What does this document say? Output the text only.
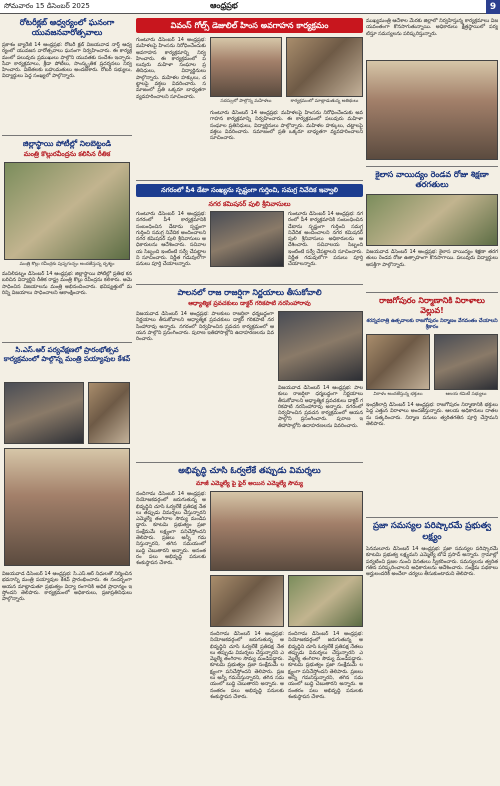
సోమవారం 15 డిసెంబర్ 2025	ఆంధ్రప్రభ	9
రోటరీక్లబ్ ఆధ్వర్యంలో ఘనంగా యువజనవారోత్సవాలు
ప్రకాశం బ్యారేజీ 14 ఆంధ్రప్రభ: రోటరీ క్లబ్ విజయవాడ నార్త్ ఆధ్వర్యంలో యువజన వారోత్సవాలు ఘనంగా నిర్వహించారు. ఈ కార్యక్రమంలో పలువురు ప్రముఖులు పాల్గొని యువతకు సందేశం ఇచ్చారు. సేవా కార్యక్రమాలు, క్రీడా పోటీలు, సాంస్కృతిక ప్రదర్శనలు నిర్వహించారు. విజేతలకు బహుమతులు అందజేశారు. రోటరీ సభ్యులు, విద్యార్థులు పెద్ద సంఖ్యలో పాల్గొన్నారు.
జిల్లాస్థాయి పోటీల్లో నిలబెట్టండి
మంత్రి కొల్లురవీంద్రను కలిసిన రీతిక
మంత్రి కొల్లు రవీంద్రకు పుష్పగుచ్ఛం అందజేస్తున్న దృశ్యం
మచిలీపట్నం డిసెంబర్ 14 ఆంధ్రప్రభ: జిల్లాస్థాయి పోటీల్లో ప్రతిభ కనబరిచిన విద్యార్థిని రీతిక రాష్ట్ర మంత్రి కొల్లు రవీంద్రను కలిశారు. ఆమె సాధించిన విజయాలను మంత్రి అభినందించారు. భవిష్యత్తులో మరిన్ని విజయాలు సాధించాలని ఆకాంక్షించారు.
సి.ఎస్.ఆర్ పర్యవేక్షణలో ప్రారంభోత్సవ కార్యక్రమంలో పాల్గొన్న మంత్రి పయ్యావుల కేశవ్
విజయవాడ డిసెంబర్ 14 ఆంధ్రప్రభ: సి.ఎస్.ఆర్ నిధులతో నిర్మించిన భవనాన్ని మంత్రి పయ్యావుల కేశవ్ ప్రారంభించారు. ఈ సందర్భంగా ఆయన మాట్లాడుతూ ప్రభుత్వం విద్యా రంగానికి అధిక ప్రాధాన్యం ఇస్తోందని తెలిపారు. కార్యక్రమంలో అధికారులు, ప్రజాప్రతినిధులు పాల్గొన్నారు.
వివంస్ గోల్స్ డెజులిల్ హింస అవగాహన కార్యక్రమం
గుంటూరు డిసెంబర్ 14 ఆంధ్రప్రభ: మహిళలపై హింసను నిరోధించేందుకు అవగాహన కార్యక్రమాన్ని నిర్వహించారు. ఈ కార్యక్రమంలో పలువురు మహిళా సంఘాల ప్రతినిధులు, విద్యార్థినులు పాల్గొన్నారు. మహిళల హక్కులు, చట్టాలపై వక్తలు వివరించారు. సమాజంలో ప్రతి ఒక్కరూ బాధ్యతగా వ్యవహరించాలని సూచించారు.
సదస్సులో పాల్గొన్న మహిళలు	కార్యక్రమంలో మాట్లాడుతున్న అతిథులు
గుంటూరు డిసెంబర్ 14 ఆంధ్రప్రభ: మహిళలపై హింసను నిరోధించేందుకు అవగాహన కార్యక్రమాన్ని నిర్వహించారు. ఈ కార్యక్రమంలో పలువురు మహిళా సంఘాల ప్రతినిధులు, విద్యార్థినులు పాల్గొన్నారు. మహిళల హక్కులు, చట్టాలపై వక్తలు వివరించారు. సమాజంలో ప్రతి ఒక్కరూ బాధ్యతగా వ్యవహరించాలని సూచించారు.
నగరంలో పీ4 డేటా సంఖ్యను స్పష్టంగా గుర్తించి, సమగ్ర నివేదిక ఇవ్వాలి
నగర కమిషనర్ పులి శ్రీనివాసులు
గుంటూరు డిసెంబర్ 14 ఆంధ్రప్రభ: నగరంలో పీ4 కార్యక్రమానికి సంబంధించిన డేటాను స్పష్టంగా గుర్తించి సమగ్ర నివేదిక అందించాలని నగర కమిషనర్ పులి శ్రీనివాసులు అధికారులను ఆదేశించారు. సచివాలయ సిబ్బంది ఇంటింటి సర్వే చేపట్టాలని సూచించారు. నిర్ణీత గడువులోగా పనులు పూర్తి చేయాలన్నారు.
గుంటూరు డిసెంబర్ 14 ఆంధ్రప్రభ: నగరంలో పీ4 కార్యక్రమానికి సంబంధించిన డేటాను స్పష్టంగా గుర్తించి సమగ్ర నివేదిక అందించాలని నగర కమిషనర్ పులి శ్రీనివాసులు అధికారులను ఆదేశించారు. సచివాలయ సిబ్బంది ఇంటింటి సర్వే చేపట్టాలని సూచించారు. నిర్ణీత గడువులోగా పనులు పూర్తి చేయాలన్నారు.
పాలనలో రాజ రాజర్షిగా నిర్ణయాలు తీసుకోవాలి
ఆధ్యాత్మిక ప్రవచకులు డాక్టర్ గరికపాటి నరసింహారావు
విజయవాడ డిసెంబర్ 14 ఆంధ్రప్రభ: పాలకులు రాజర్షిలా ధర్మబద్ధంగా నిర్ణయాలు తీసుకోవాలని ఆధ్యాత్మిక ప్రవచకులు డాక్టర్ గరికపాటి నరసింహారావు అన్నారు. నగరంలో నిర్వహించిన ప్రవచన కార్యక్రమంలో ఆయన పాల్గొని ప్రసంగించారు. పురాణ ఇతిహాసాల్లోని ఉదాహరణలను వివరించారు.
విజయవాడ డిసెంబర్ 14 ఆంధ్రప్రభ: పాలకులు రాజర్షిలా ధర్మబద్ధంగా నిర్ణయాలు తీసుకోవాలని ఆధ్యాత్మిక ప్రవచకులు డాక్టర్ గరికపాటి నరసింహారావు అన్నారు. నగరంలో నిర్వహించిన ప్రవచన కార్యక్రమంలో ఆయన పాల్గొని ప్రసంగించారు. పురాణ ఇతిహాసాల్లోని ఉదాహరణలను వివరించారు.
అభివృద్ధి చూసి ఓర్వలేకే తప్పుడు విమర్శలు
మాజీ ఎమ్మెల్యే పై ఫైర్ అయిన ఎమ్మెల్యే సౌమ్య
నందిగామ డిసెంబర్ 14 ఆంధ్రప్రభ: నియోజకవర్గంలో జరుగుతున్న అభివృద్ధిని చూసి ఓర్వలేకే ప్రతిపక్ష నేతలు తప్పుడు విమర్శలు చేస్తున్నారని ఎమ్మెల్యే తంగిరాల సౌమ్య మండిపడ్డారు. కూటమి ప్రభుత్వం ప్రజా సంక్షేమమే లక్ష్యంగా పనిచేస్తోందని తెలిపారు. ప్రజలు అన్నీ గమనిస్తున్నారని, తగిన సమయంలో బుద్ధి చెబుతారని అన్నారు. అనంతరం పలు అభివృద్ధి పనులకు శంకుస్థాపన చేశారు.
నందిగామ డిసెంబర్ 14 ఆంధ్రప్రభ: నియోజకవర్గంలో జరుగుతున్న అభివృద్ధిని చూసి ఓర్వలేకే ప్రతిపక్ష నేతలు తప్పుడు విమర్శలు చేస్తున్నారని ఎమ్మెల్యే తంగిరాల సౌమ్య మండిపడ్డారు. కూటమి ప్రభుత్వం ప్రజా సంక్షేమమే లక్ష్యంగా పనిచేస్తోందని తెలిపారు. ప్రజలు అన్నీ గమనిస్తున్నారని, తగిన సమయంలో బుద్ధి చెబుతారని అన్నారు. అనంతరం పలు అభివృద్ధి పనులకు శంకుస్థాపన చేశారు.
నందిగామ డిసెంబర్ 14 ఆంధ్రప్రభ: నియోజకవర్గంలో జరుగుతున్న అభివృద్ధిని చూసి ఓర్వలేకే ప్రతిపక్ష నేతలు తప్పుడు విమర్శలు చేస్తున్నారని ఎమ్మెల్యే తంగిరాల సౌమ్య మండిపడ్డారు. కూటమి ప్రభుత్వం ప్రజా సంక్షేమమే లక్ష్యంగా పనిచేస్తోందని తెలిపారు. ప్రజలు అన్నీ గమనిస్తున్నారని, తగిన సమయంలో బుద్ధి చెబుతారని అన్నారు. అనంతరం పలు అభివృద్ధి పనులకు శంకుస్థాపన చేశారు.
ముఖ్యమంత్రి ఆదేశాల మేరకు జిల్లాలో నిర్వహిస్తున్న కార్యక్రమాలు విజయవంతంగా కొనసాగుతున్నాయి. అధికారులు క్షేత్రస్థాయిలో పర్యటిస్తూ సమస్యలను పరిష్కరిస్తున్నారు.
కైలాస వాయిద్యం రెండవ రోజు శిక్షణా తరగతులు
విజయవాడ డిసెంబర్ 14 ఆంధ్రప్రభ: కైలాస వాయిద్యం శిక్షణా తరగతులు రెండవ రోజు ఉత్సాహంగా కొనసాగాయి. పలువురు విద్యార్థులు ఆసక్తిగా పాల్గొన్నారు.
రాజగోపురం నిర్మాణానికి విరాళాలు వెల్లువ!
శరన్నవరాత్రి ఉత్సవాలకు రాజగోపురం నిర్మాణం వేగవంతం చేయాలని శ్రీకారం
విరాళం అందజేస్తున్న భక్తులు	ఆలయ కమిటీ సభ్యులు
ఇంద్రకీలాద్రి డిసెంబర్ 14 ఆంధ్రప్రభ: రాజగోపురం నిర్మాణానికి భక్తులు పెద్ద ఎత్తున విరాళాలు అందజేస్తున్నారు. ఆలయ అధికారులు దాతలను సత్కరించారు. నిర్మాణ పనులు త్వరితగతిన పూర్తి చేస్తామని తెలిపారు.
ప్రజా సమస్యల పరిష్కారమే ప్రభుత్వ లక్ష్యం
పెనమలూరు డిసెంబర్ 14 ఆంధ్రప్రభ: ప్రజా సమస్యల పరిష్కారమే కూటమి ప్రభుత్వ లక్ష్యమని ఎమ్మెల్యే బోడె ప్రసాద్ అన్నారు. గ్రామాల్లో పర్యటించి ప్రజల నుంచి వినతులు స్వీకరించారు. సమస్యలను త్వరితగతిన పరిష్కరించాలని అధికారులను ఆదేశించారు. సంక్షేమ పథకాలు అర్హులందరికీ అందేలా చర్యలు తీసుకుంటామని తెలిపారు.
